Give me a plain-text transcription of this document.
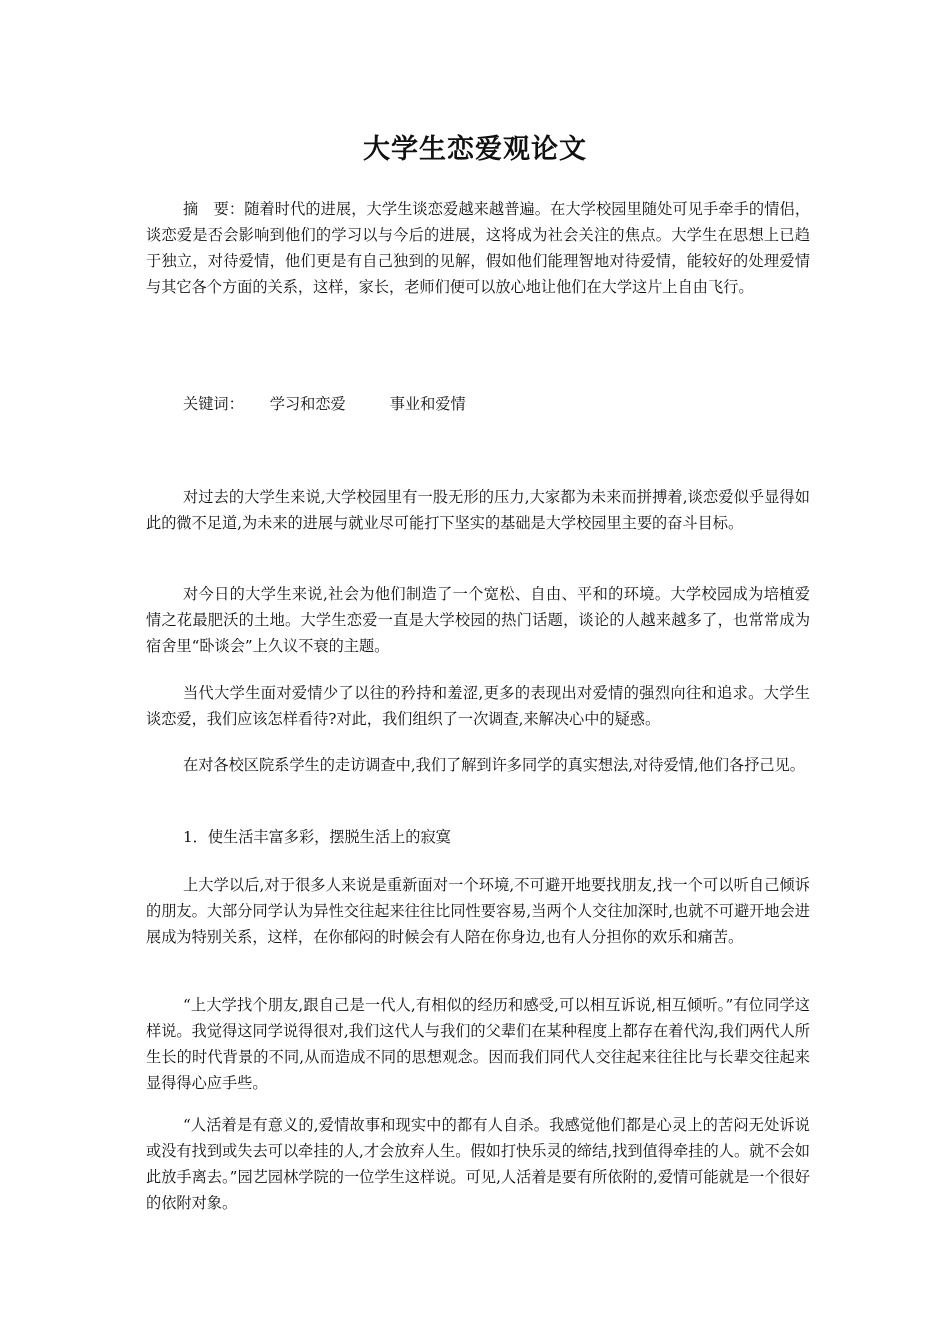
大学生恋爱观论文

摘　要：随着时代的进展，大学生谈恋爱越来越普遍。在大学校园里随处可见手牵手的情侣，谈恋爱是否会影响到他们的学习以与今后的进展，这将成为社会关注的焦点。大学生在思想上已趋于独立，对待爱情，他们更是有自己独到的见解，假如他们能理智地对待爱情，能较好的处理爱情与其它各个方面的关系，这样，家长，老师们便可以放心地让他们在大学这片上自由飞行。

关键词： 学习和恋爱	事业和爱情

对过去的大学生来说,大学校园里有一股无形的压力,大家都为未来而拼搏着,谈恋爱似乎显得如此的微不足道,为未来的进展与就业尽可能打下坚实的基础是大学校园里主要的奋斗目标。

对今日的大学生来说,社会为他们制造了一个宽松、自由、平和的环境。大学校园成为培植爱情之花最肥沃的土地。大学生恋爱一直是大学校园的热门话题，谈论的人越来越多了，也常常成为宿舍里“卧谈会”上久议不衰的主题。

当代大学生面对爱情少了以往的矜持和羞涩,更多的表现出对爱情的强烈向往和追求。大学生谈恋爱，我们应该怎样看待?对此，我们组织了一次调查,来解决心中的疑惑。

在对各校区院系学生的走访调查中,我们了解到许多同学的真实想法,对待爱情,他们各抒己见。

1．使生活丰富多彩，摆脱生活上的寂寞

上大学以后,对于很多人来说是重新面对一个环境,不可避开地要找朋友,找一个可以听自己倾诉的朋友。大部分同学认为异性交往起来往往比同性要容易,当两个人交往加深时,也就不可避开地会进展成为特别关系，这样，在你郁闷的时候会有人陪在你身边,也有人分担你的欢乐和痛苦。

“上大学找个朋友,跟自己是一代人,有相似的经历和感受,可以相互诉说,相互倾听。”有位同学这样说。我觉得这同学说得很对,我们这代人与我们的父辈们在某种程度上都存在着代沟,我们两代人所生长的时代背景的不同,从而造成不同的思想观念。因而我们同代人交往起来往往比与长辈交往起来显得得心应手些。

“人活着是有意义的,爱情故事和现实中的都有人自杀。我感觉他们都是心灵上的苦闷无处诉说或没有找到或失去可以牵挂的人,才会放弃人生。假如打快乐灵的缔结,找到值得牵挂的人。就不会如此放手离去。”园艺园林学院的一位学生这样说。可见,人活着是要有所依附的,爱情可能就是一个很好的依附对象。
